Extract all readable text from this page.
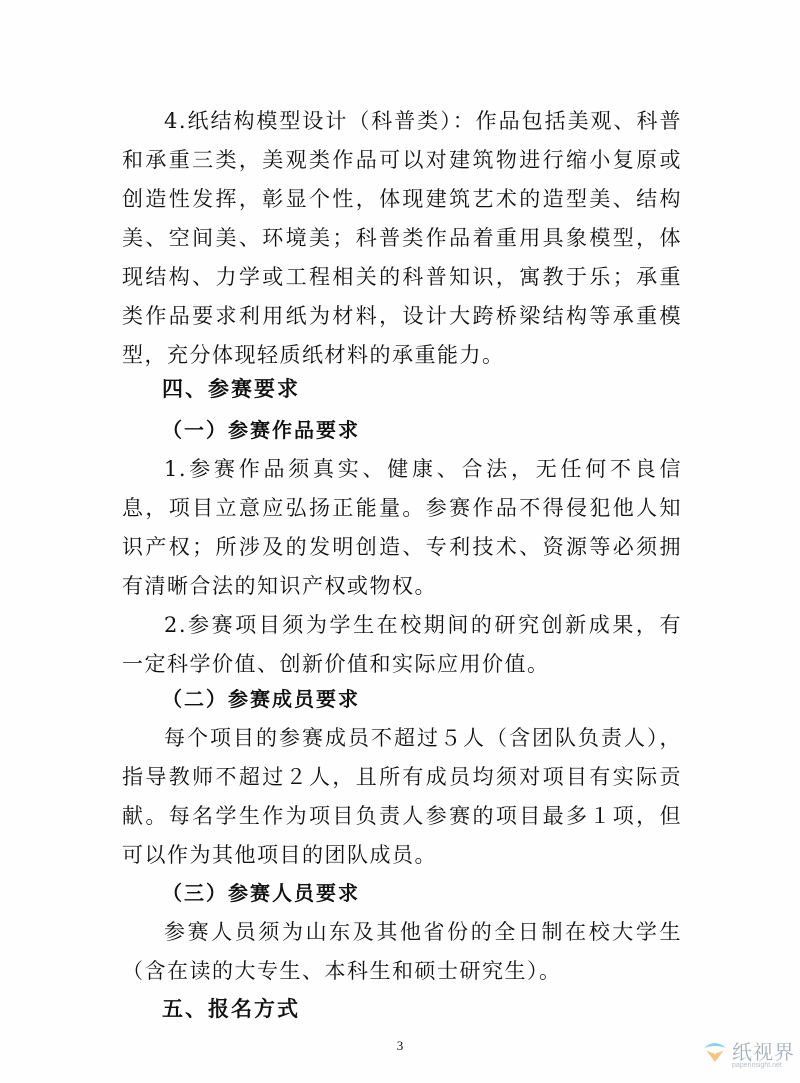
4.纸结构模型设计（科普类）：作品包括美观、科普和承重三类，美观类作品可以对建筑物进行缩小复原或创造性发挥，彰显个性，体现建筑艺术的造型美、结构美、空间美、环境美；科普类作品着重用具象模型，体现结构、力学或工程相关的科普知识，寓教于乐；承重类作品要求利用纸为材料，设计大跨桥梁结构等承重模型，充分体现轻质纸材料的承重能力。

四、参赛要求
（一）参赛作品要求

1.参赛作品须真实、健康、合法，无任何不良信息，项目立意应弘扬正能量。参赛作品不得侵犯他人知识产权；所涉及的发明创造、专利技术、资源等必须拥有清晰合法的知识产权或物权。

2.参赛项目须为学生在校期间的研究创新成果，有一定科学价值、创新价值和实际应用价值。

（二）参赛成员要求

每个项目的参赛成员不超过５人（含团队负责人），指导教师不超过２人，且所有成员均须对项目有实际贡献。每名学生作为项目负责人参赛的项目最多１项，但可以作为其他项目的团队成员。

（三）参赛人员要求

参赛人员须为山东及其他省份的全日制在校大学生（含在读的大专生、本科生和硕士研究生）。

五、报名方式
3	纸视界
paperinsight.net
